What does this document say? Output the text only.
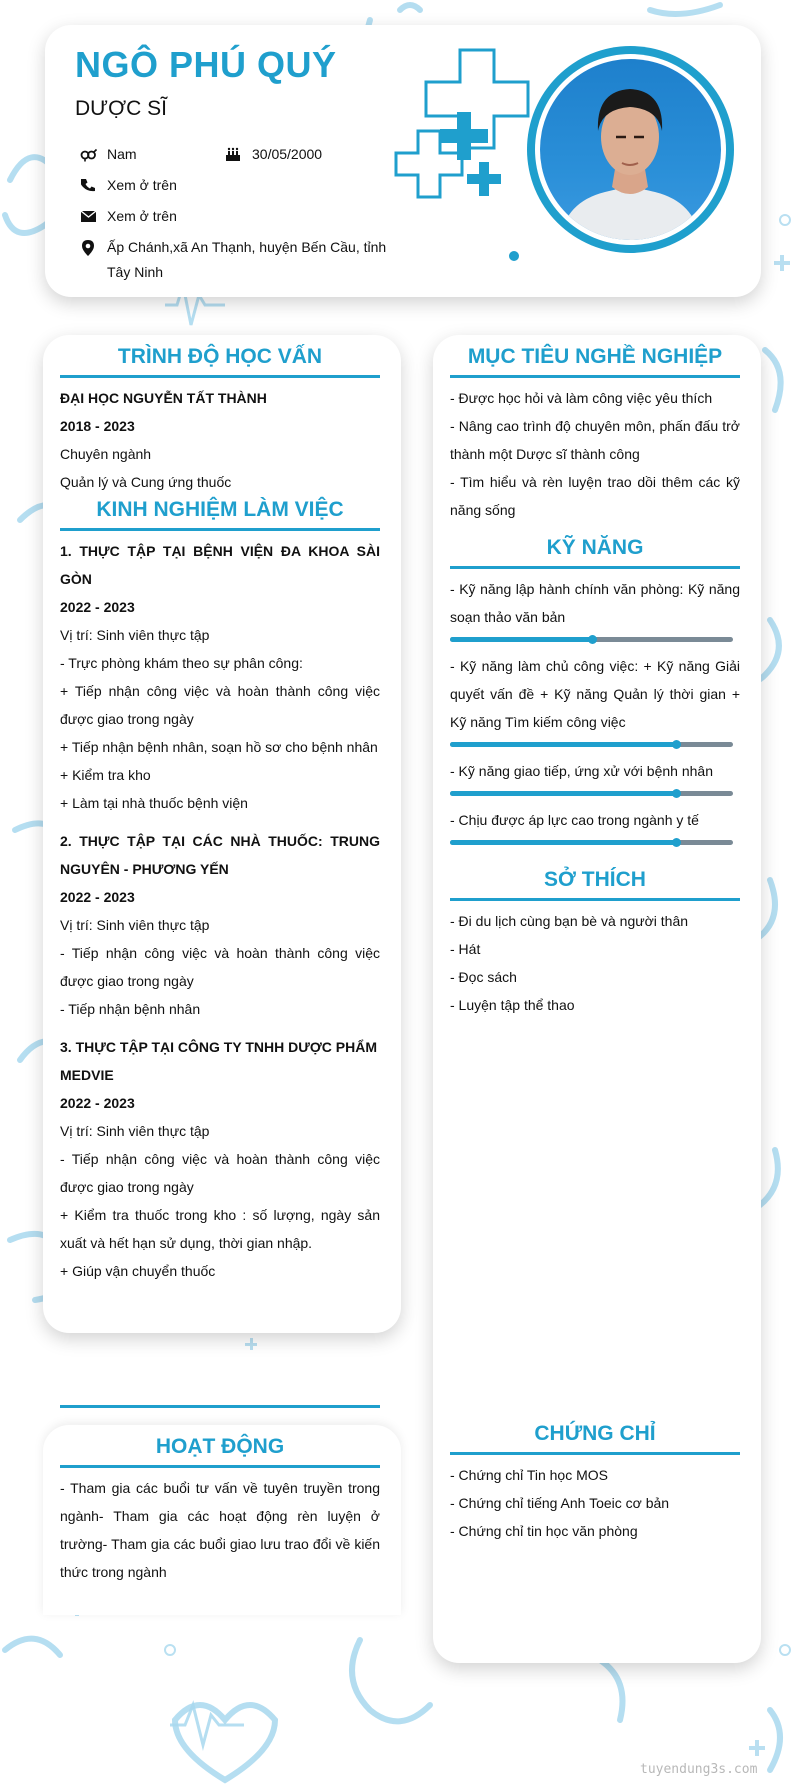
NGÔ PHÚ QUÝ
DƯỢC SĨ
Nam	30/05/2000
Xem ở trên
Xem ở trên
Ấp Chánh,xã An Thạnh, huyện Bến Cầu, tỉnh
Tây Ninh
TRÌNH ĐỘ HỌC VẤN
ĐẠI HỌC NGUYỄN TẤT THÀNH
2018 - 2023
Chuyên ngành
Quản lý và Cung ứng thuốc
KINH NGHIỆM LÀM VIỆC
1. THỰC TẬP TẠI BỆNH VIỆN ĐA KHOA SÀI
GÒN
2022 - 2023
Vị trí: Sinh viên thực tập
- Trực phòng khám theo sự phân công:
+ Tiếp nhận công việc và hoàn thành công việc
được giao trong ngày
+ Tiếp nhận bệnh nhân, soạn hồ sơ cho bệnh nhân
+ Kiểm tra kho
+ Làm tại nhà thuốc bệnh viện
2. THỰC TẬP TẠI CÁC NHÀ THUỐC: TRUNG
NGUYÊN - PHƯƠNG YẾN
2022 - 2023
Vị trí: Sinh viên thực tập
- Tiếp nhận công việc và hoàn thành công việc
được giao trong ngày
- Tiếp nhận bệnh nhân
3. THỰC TẬP TẠI CÔNG TY TNHH DƯỢC PHẨM
MEDVIE
2022 - 2023
Vị trí: Sinh viên thực tập
- Tiếp nhận công việc và hoàn thành công việc
được giao trong ngày
+ Kiểm tra thuốc trong kho : số lượng, ngày sản
xuất và hết hạn sử dụng, thời gian nhập.
+ Giúp vận chuyển thuốc
HOẠT ĐỘNG
- Tham gia các buổi tư vấn về tuyên truyền trong
ngành- Tham gia các hoạt động rèn luyện ở
trường- Tham gia các buổi giao lưu trao đổi về kiến
thức trong ngành
MỤC TIÊU NGHỀ NGHIỆP
- Được học hỏi và làm công việc yêu thích
- Nâng cao trình độ chuyên môn, phấn đấu trở
thành một Dược sĩ thành công
- Tìm hiểu và rèn luyện trao dồi thêm các kỹ
năng sống
KỸ NĂNG
- Kỹ năng lập hành chính văn phòng: Kỹ năng
soạn thảo văn bản
- Kỹ năng làm chủ công việc: + Kỹ năng Giải
quyết vấn đề + Kỹ năng Quản lý thời gian +
Kỹ năng Tìm kiếm công việc
- Kỹ năng giao tiếp, ứng xử với bệnh nhân
- Chịu được áp lực cao trong ngành y tế
SỞ THÍCH
- Đi du lịch cùng bạn bè và người thân
- Hát
- Đọc sách
- Luyện tập thể thao
CHỨNG CHỈ
- Chứng chỉ Tin học MOS
- Chứng chỉ tiếng Anh Toeic cơ bản
- Chứng chỉ tin học văn phòng
tuyendung3s.com
